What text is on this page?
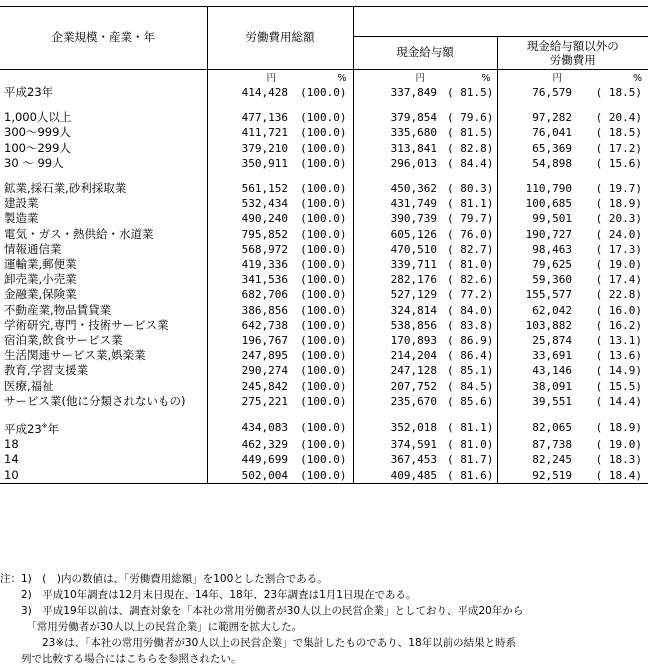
企業規模・産業・年	労働費用総額					
			現金給与額		現金給与額以外の
労働費用	
	円	%	円	%	円	%
平成23年	414,428	(100.0)	337,849	( 81.5)	76,579	( 18.5)

1,000人以上	477,136	(100.0)	379,854	( 79.6)	97,282	( 20.4)
300～999人	411,721	(100.0)	335,680	( 81.5)	76,041	( 18.5)
100～299人	379,210	(100.0)	313,841	( 82.8)	65,369	( 17.2)
30 ～ 99人	350,911	(100.0)	296,013	( 84.4)	54,898	( 15.6)

鉱業,採石業,砂利採取業	561,152	(100.0)	450,362	( 80.3)	110,790	( 19.7)
建設業	532,434	(100.0)	431,749	( 81.1)	100,685	( 18.9)
製造業	490,240	(100.0)	390,739	( 79.7)	99,501	( 20.3)
電気・ガス・熱供給・水道業	795,852	(100.0)	605,126	( 76.0)	190,727	( 24.0)
情報通信業	568,972	(100.0)	470,510	( 82.7)	98,463	( 17.3)
運輸業,郵便業	419,336	(100.0)	339,711	( 81.0)	79,625	( 19.0)
卸売業,小売業	341,536	(100.0)	282,176	( 82.6)	59,360	( 17.4)
金融業,保険業	682,706	(100.0)	527,129	( 77.2)	155,577	( 22.8)
不動産業,物品賃貸業	386,856	(100.0)	324,814	( 84.0)	62,042	( 16.0)
学術研究,専門・技術サービス業	642,738	(100.0)	538,856	( 83.8)	103,882	( 16.2)
宿泊業,飲食サービス業	196,767	(100.0)	170,893	( 86.9)	25,874	( 13.1)
生活関連サービス業,娯楽業	247,895	(100.0)	214,204	( 86.4)	33,691	( 13.6)
教育,学習支援業	290,274	(100.0)	247,128	( 85.1)	43,146	( 14.9)
医療,福祉	245,842	(100.0)	207,752	( 84.5)	38,091	( 15.5)
サービス業(他に分類されないもの)	275,221	(100.0)	235,670	( 85.6)	39,551	( 14.4)

平成23※年	434,083	(100.0)	352,018	( 81.1)	82,065	( 18.9)
18	462,329	(100.0)	374,591	( 81.0)	87,738	( 19.0)
14	449,699	(100.0)	367,453	( 81.7)	82,245	( 18.3)
10	502,004	(100.0)	409,485	( 81.6)	92,519	( 18.4)
注：1)　(　)内の数値は、「労働費用総額」を100とした割合である。
　　2)　平成10年調査は12月末日現在、14年、18年、23年調査は1月1日現在である。
　　3)　平成19年以前は、調査対象を「本社の常用労働者が30人以上の民営企業」としており、平成20年から
　　　「常用労働者が30人以上の民営企業」に範囲を拡大した。
　　　　23※は、「本社の常用労働者が30人以上の民営企業」で集計したものであり、18年以前の結果と時系
　　列で比較する場合にはこちらを参照されたい。
